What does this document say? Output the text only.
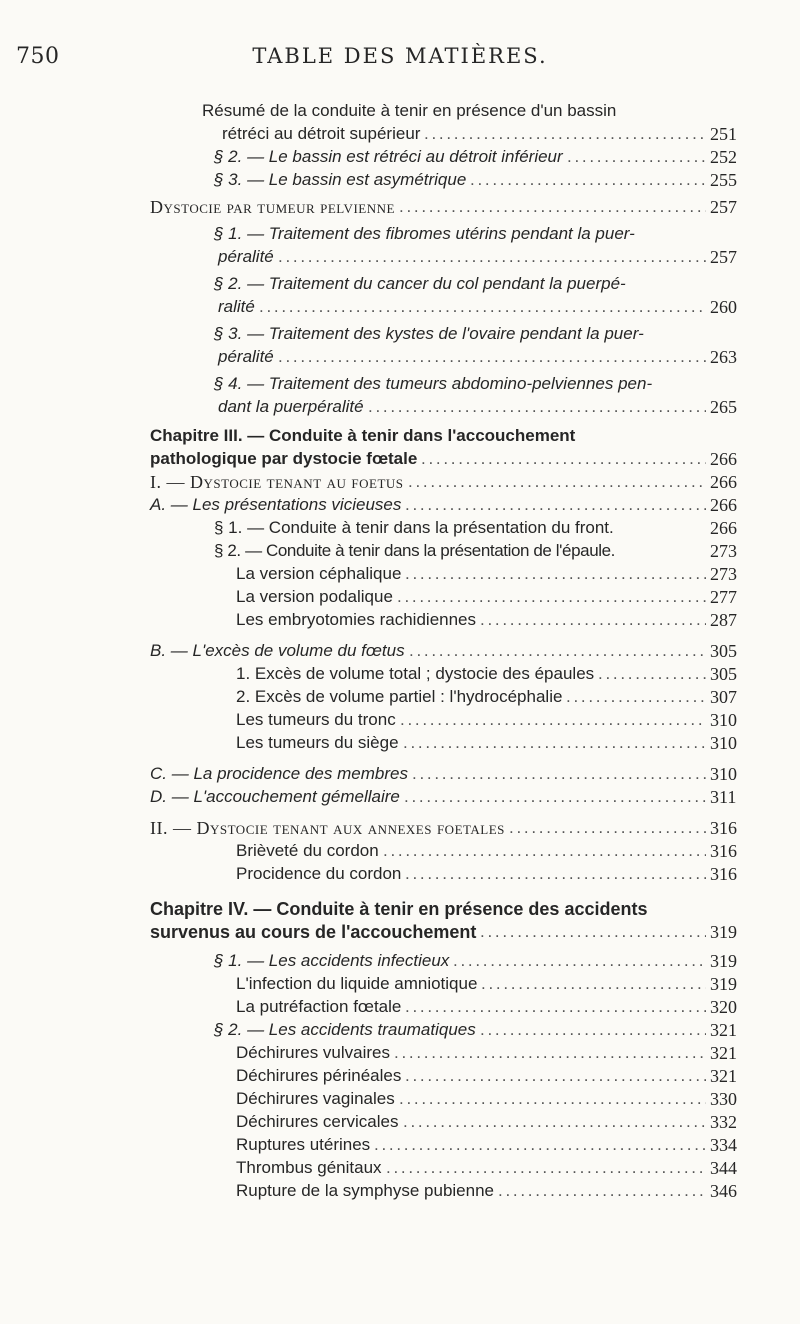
750	TABLE DES MATIÈRES.
Résumé de la conduite à tenir en présence d'un bassin
rétréci au détroit supérieur . . .	251
§ 2. — Le bassin est rétréci au détroit inférieur . . .	252
§ 3. — Le bassin est asymétrique . . .	255
Dystocie par tumeur pelvienne . . .	257
§ 1. — Traitement des fibromes utérins pendant la puer-
péralité . . .	257
§ 2. — Traitement du cancer du col pendant la puerpé-
ralité . . .	260
§ 3. — Traitement des kystes de l'ovaire pendant la puer-
péralité . . .	263
§ 4. — Traitement des tumeurs abdomino-pelviennes pen-
dant la puerpéralité . . .	265
Chapitre III. — Conduite à tenir dans l'accouchement
pathologique par dystocie fœtale . . .	266
I. — Dystocie tenant au foetus . . .	266
A. — Les présentations vicieuses . . .	266
§ 1. — Conduite à tenir dans la présentation du front.	266
§ 2. — Conduite à tenir dans la présentation de l'épaule.	273
La version céphalique . . .	273
La version podalique . . .	277
Les embryotomies rachidiennes . . .	287
B. — L'excès de volume du fœtus . . .	305
1. Excès de volume total ; dystocie des épaules . . .	305
2. Excès de volume partiel : l'hydrocéphalie . . .	307
Les tumeurs du tronc . . .	310
Les tumeurs du siège . . .	310
C. — La procidence des membres . . .	310
D. — L'accouchement gémellaire . . .	311
II. — Dystocie tenant aux annexes foetales . . .	316
Brièveté du cordon . . .	316
Procidence du cordon . . .	316
Chapitre IV. — Conduite à tenir en présence des accidents
survenus au cours de l'accouchement . . .	319
§ 1. — Les accidents infectieux . . .	319
L'infection du liquide amniotique . . .	319
La putréfaction fœtale . . .	320
§ 2. — Les accidents traumatiques . . .	321
Déchirures vulvaires . . .	321
Déchirures périnéales . . .	321
Déchirures vaginales . . .	330
Déchirures cervicales . . .	332
Ruptures utérines . . .	334
Thrombus génitaux . . .	344
Rupture de la symphyse pubienne . . .	346
